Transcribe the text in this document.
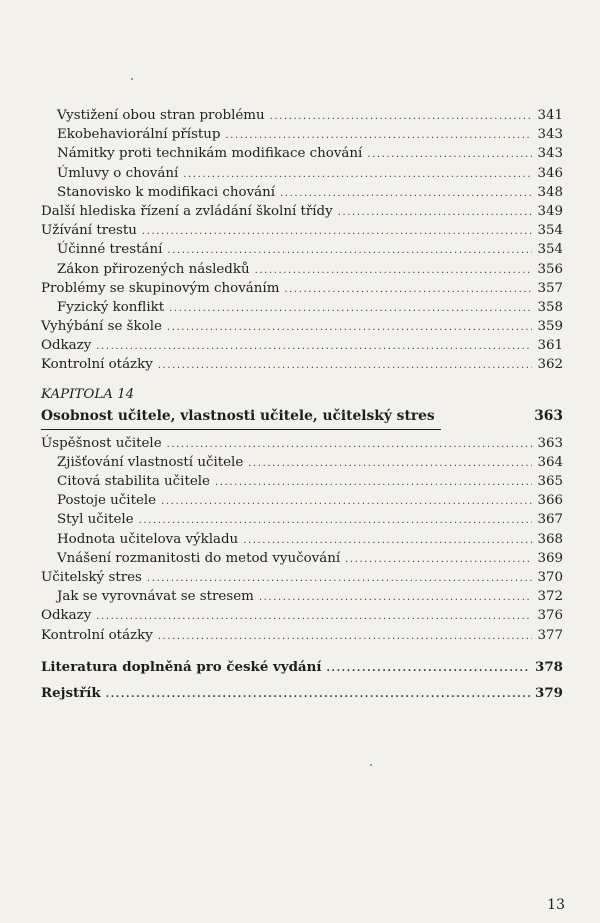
Vystižení obou stran problému .....	341
Ekobehaviorální přístup .....	343
Námitky proti technikám modifikace chování .....	343
Úmluvy o chování .....	346
Stanovisko k modifikaci chování .....	348
Další hlediska řízení a zvládání školní třídy .....	349
Užívání trestu .....	354
Účinné trestání .....	354
Zákon přirozených následků .....	356
Problémy se skupinovým chováním .....	357
Fyzický konflikt .....	358
Vyhýbání se škole .....	359
Odkazy .....	361
Kontrolní otázky .....	362
KAPITOLA 14
Osobnost učitele, vlastnosti učitele, učitelský stres	363
Úspěšnost učitele .....	363
Zjišťování vlastností učitele .....	364
Citová stabilita učitele .....	365
Postoje učitele .....	366
Styl učitele .....	367
Hodnota učitelova výkladu .....	368
Vnášení rozmanitosti do metod vyučování .....	369
Učitelský stres .....	370
Jak se vyrovnávat se stresem .....	372
Odkazy .....	376
Kontrolní otázky .....	377
Literatura doplněná pro české vydání .....	378
Rejstřík .....	379
13
